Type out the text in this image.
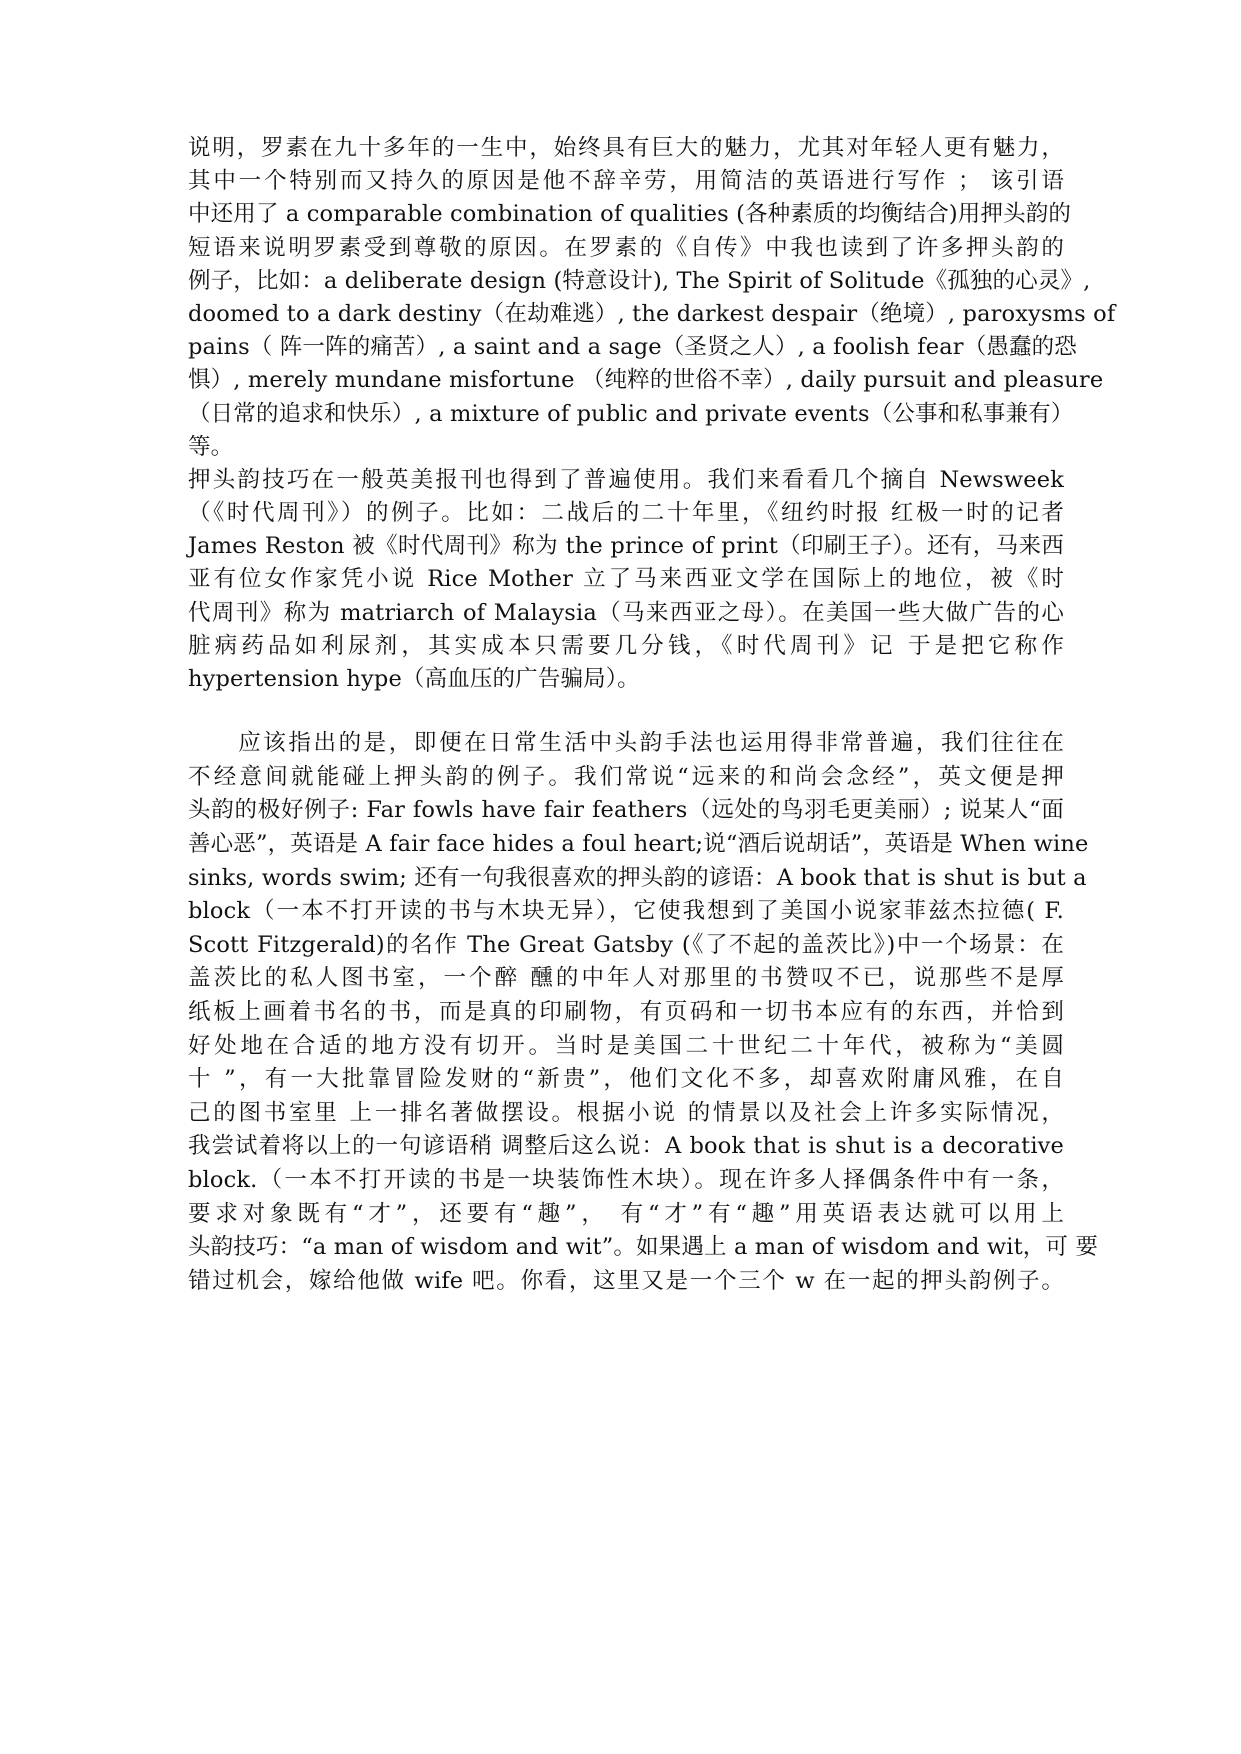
说明，罗素在九十多年的一生中，始终具有巨大的魅力，尤其对年轻人更有魅力，
其中一个特别而又持久的原因是他不辞辛劳，用简洁的英语进行写作 ； 该引语
中还用了 a comparable combination of qualities (各种素质的均衡结合)用押头韵的
短语来说明罗素受到尊敬的原因。在罗素的《自传》中我也读到了许多押头韵的
例子，比如：a deliberate design (特意设计), The Spirit of Solitude《孤独的心灵》,
doomed to a dark destiny（在劫难逃）, the darkest despair（绝境）, paroxysms of
pains（ 阵一阵的痛苦）, a saint and a sage（圣贤之人）, a foolish fear（愚蠢的恐
惧）, merely mundane misfortune （纯粹的世俗不幸）, daily pursuit and pleasure
（日常的追求和快乐）, a mixture of public and private events（公事和私事兼有）
等。
押头韵技巧在一般英美报刊也得到了普遍使用。我们来看看几个摘自 Newsweek
（《时代周刊》）的例子。比如：二战后的二十年里，《纽约时报 红极一时的记者
James Reston 被《时代周刊》称为 the prince of print（印刷王子）。还有，马来西
亚有位女作家凭小说 Rice Mother 立了马来西亚文学在国际上的地位，被《时
代周刊》称为 matriarch of Malaysia（马来西亚之母）。在美国一些大做广告的心
脏病药品如利尿剂，其实成本只需要几分钱，《时代周刊》记 于是把它称作
hypertension hype（高血压的广告骗局）。
　　应该指出的是，即便在日常生活中头韵手法也运用得非常普遍，我们往往在
不经意间就能碰上押头韵的例子。我们常说“远来的和尚会念经”，英文便是押
头韵的极好例子: Far fowls have fair feathers（远处的鸟羽毛更美丽）; 说某人“面
善心恶”，英语是 A fair face hides a foul heart;说“酒后说胡话”，英语是 When wine
sinks, words swim; 还有一句我很喜欢的押头韵的谚语：A book that is shut is but a
block（一本不打开读的书与木块无异），它使我想到了美国小说家菲兹杰拉德( F.
Scott Fitzgerald)的名作 The Great Gatsby (《了不起的盖茨比》)中一个场景：在
盖茨比的私人图书室，一个醉 醺的中年人对那里的书赞叹不已，说那些不是厚
纸板上画着书名的书，而是真的印刷物，有页码和一切书本应有的东西，并恰到
好处地在合适的地方没有切开。当时是美国二十世纪二十年代，被称为“美圆
十 ”，有一大批靠冒险发财的“新贵”，他们文化不多，却喜欢附庸风雅，在自
己的图书室里 上一排名著做摆设。根据小说 的情景以及社会上许多实际情况，
我尝试着将以上的一句谚语稍 调整后这么说：A book that is shut is a decorative
block.（一本不打开读的书是一块装饰性木块）。现在许多人择偶条件中有一条，
要求对象既有“才”，还要有“趣”， 有“才”有“趣”用英语表达就可以用上
头韵技巧：“a man of wisdom and wit”。如果遇上 a man of wisdom and wit，可 要
错过机会，嫁给他做 wife 吧。你看，这里又是一个三个 w 在一起的押头韵例子。
